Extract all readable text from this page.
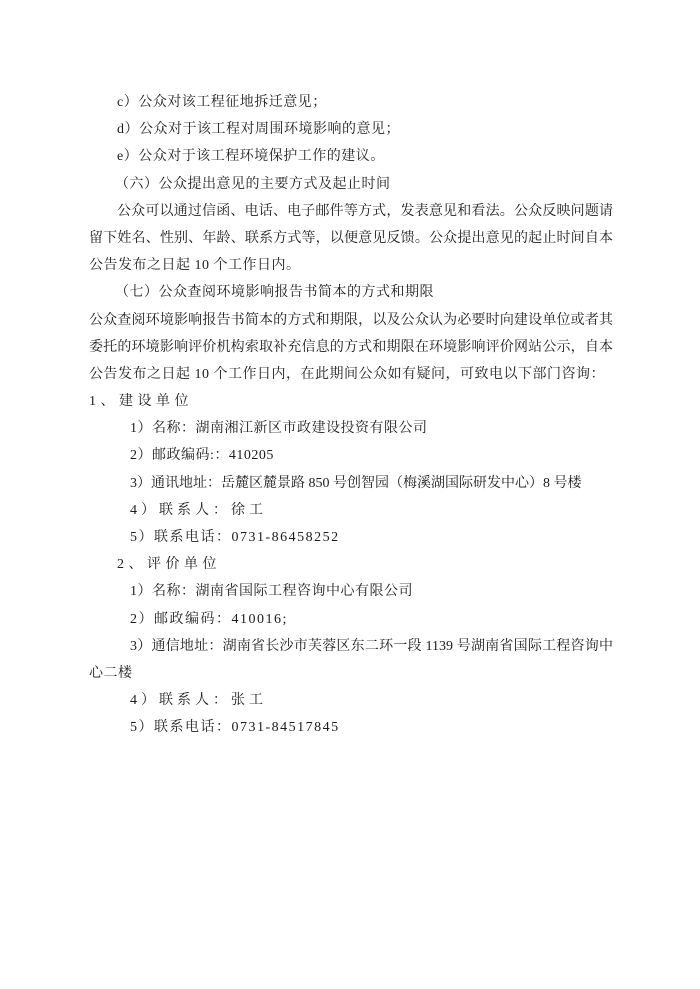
c）公众对该工程征地拆迁意见；
d）公众对于该工程对周围环境影响的意见；
e）公众对于该工程环境保护工作的建议。
（六）公众提出意见的主要方式及起止时间
公众可以通过信函、电话、电子邮件等方式，发表意见和看法。公众反映问题请
留下姓名、性别、年龄、联系方式等，以便意见反馈。公众提出意见的起止时间自本
公告发布之日起 10 个工作日内。
（七）公众查阅环境影响报告书简本的方式和期限
公众查阅环境影响报告书简本的方式和期限，以及公众认为必要时向建设单位或者其
委托的环境影响评价机构索取补充信息的方式和期限在环境影响评价网站公示，自本
公告发布之日起 10 个工作日内，在此期间公众如有疑问，可致电以下部门咨询：
1、建设单位
1）名称：湖南湘江新区市政建设投资有限公司
2）邮政编码:：410205
3）通讯地址：岳麓区麓景路 850 号创智园（梅溪湖国际研发中心）8 号楼
4）联系人：徐工
5）联系电话：0731-86458252
2、评价单位
1）名称：湖南省国际工程咨询中心有限公司
2）邮政编码：410016;
3）通信地址：湖南省长沙市芙蓉区东二环一段 1139 号湖南省国际工程咨询中
心二楼
4）联系人：张工
5）联系电话：0731-84517845
